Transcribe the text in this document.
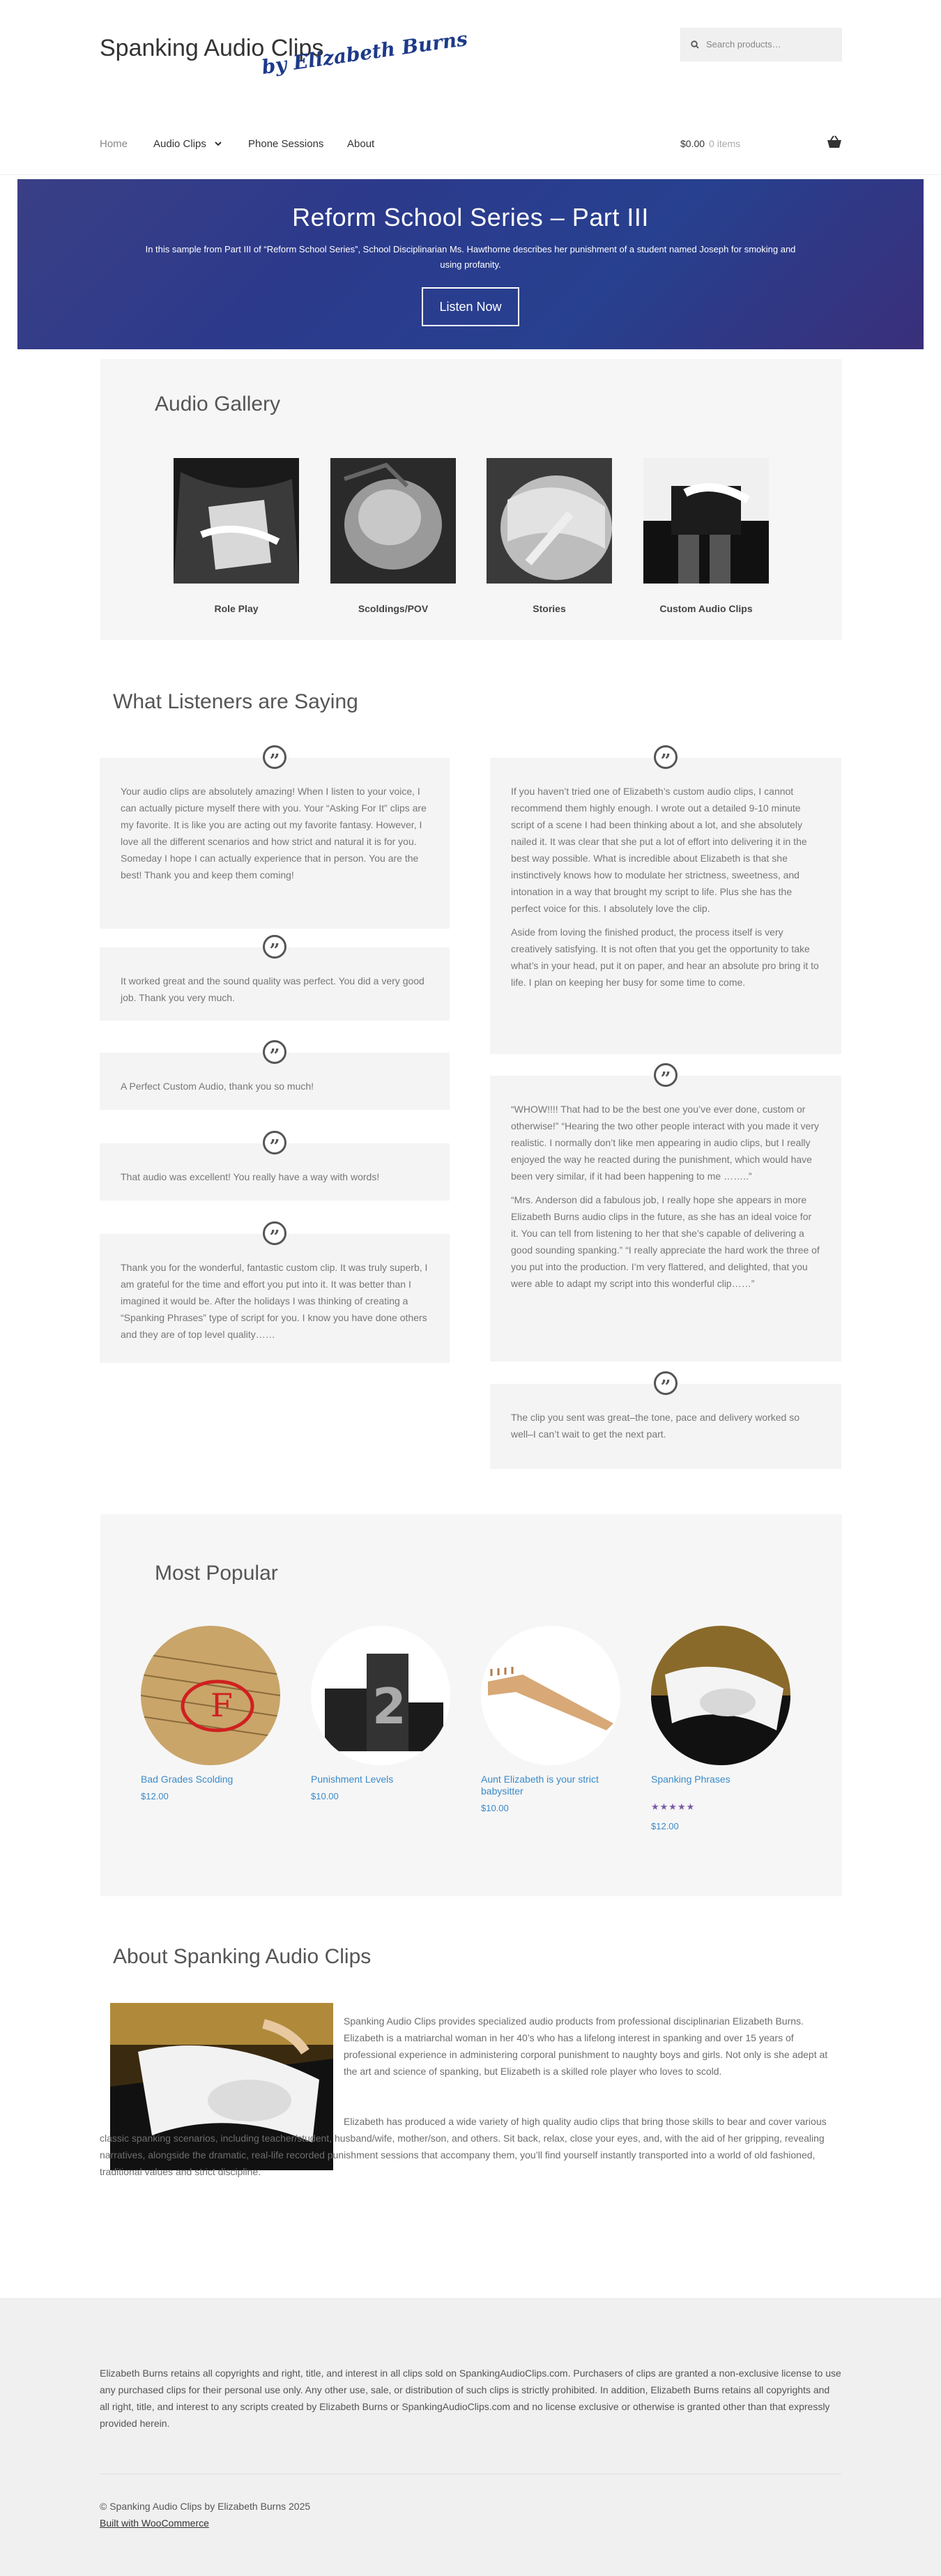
Spanking Audio Clips
by Elizabeth Burns	Search products…
Home Audio Clips	Phone Sessions About	$0.00 0 items
Reform School Series – Part III

In this sample from Part III of “Reform School Series”, School Disciplinarian Ms. Hawthorne describes her punishment of a student named Joseph for smoking and using profanity.

Listen Now
Audio Gallery
Role Play	Scoldings/POV	Stories	Custom Audio Clips
What Listeners are Saying
”

Your audio clips are absolutely amazing! When I listen to your voice, I can actually picture myself there with you. Your “Asking For It” clips are my favorite. It is like you are acting out my favorite fantasy. However, I love all the different scenarios and how strict and natural it is for you. Someday I hope I can actually experience that in person. You are the best! Thank you and keep them coming!

”

It worked great and the sound quality was perfect. You did a very good job. Thank you very much.

”

A Perfect Custom Audio, thank you so much!

”

That audio was excellent! You really have a way with words!

”

Thank you for the wonderful, fantastic custom clip. It was truly superb, I am grateful for the time and effort you put into it. It was better than I imagined it would be. After the holidays I was thinking of creating a “Spanking Phrases” type of script for you. I know you have done others and they are of top level quality……

”

If you haven’t tried one of Elizabeth’s custom audio clips, I cannot recommend them highly enough. I wrote out a detailed 9-10 minute script of a scene I had been thinking about a lot, and she absolutely nailed it. It was clear that she put a lot of effort into delivering it in the best way possible. What is incredible about Elizabeth is that she instinctively knows how to modulate her strictness, sweetness, and intonation in a way that brought my script to life. Plus she has the perfect voice for this. I absolutely love the clip.

Aside from loving the finished product, the process itself is very creatively satisfying. It is not often that you get the opportunity to take what’s in your head, put it on paper, and hear an absolute pro bring it to life. I plan on keeping her busy for some time to come.

”

“WHOW!!!! That had to be the best one you’ve ever done, custom or otherwise!” “Hearing the two other people interact with you made it very realistic. I normally don’t like men appearing in audio clips, but I really enjoyed the way he reacted during the punishment, which would have been very similar, if it had been happening to me ……..”

“Mrs. Anderson did a fabulous job, I really hope she appears in more Elizabeth Burns audio clips in the future, as she has an ideal voice for it. You can tell from listening to her that she’s capable of delivering a good sounding spanking.” “I really appreciate the hard work the three of you put into the production. I’m very flattered, and delighted, that you were able to adapt my script into this wonderful clip……”

”

The clip you sent was great–the tone, pace and delivery worked so well–I can’t wait to get the next part.

Most Popular
F	2
Bad Grades Scolding
$12.00
Punishment Levels
$10.00
Aunt Elizabeth is your strict babysitter
$10.00
Spanking Phrases
★★★★★
$12.00
About Spanking Audio Clips
Spanking Audio Clips provides specialized audio products from professional disciplinarian Elizabeth Burns. Elizabeth is a matriarchal woman in her 40’s who has a lifelong interest in spanking and over 15 years of professional experience in administering corporal punishment to naughty boys and girls. Not only is she adept at the art and science of spanking, but Elizabeth is a skilled role player who loves to scold.
Elizabeth has produced a wide variety of high quality audio clips that bring those skills to bear and cover various classic spanking scenarios, including teacher/student, husband/wife, mother/son, and others. Sit back, relax, close your eyes, and, with the aid of her gripping, revealing narratives, alongside the dramatic, real-life recorded punishment sessions that accompany them, you’ll find yourself instantly transported into a world of old fashioned, traditional values and strict discipline.

Elizabeth Burns retains all copyrights and right, title, and interest in all clips sold on SpankingAudioClips.com. Purchasers of clips are granted a non-exclusive license to use any purchased clips for their personal use only. Any other use, sale, or distribution of such clips is strictly prohibited. In addition, Elizabeth Burns retains all copyrights and all right, title, and interest to any scripts created by Elizabeth Burns or SpankingAudioClips.com and no license exclusive or otherwise is granted other than that expressly provided herein.

© Spanking Audio Clips by Elizabeth Burns 2025

Built with WooCommerce
